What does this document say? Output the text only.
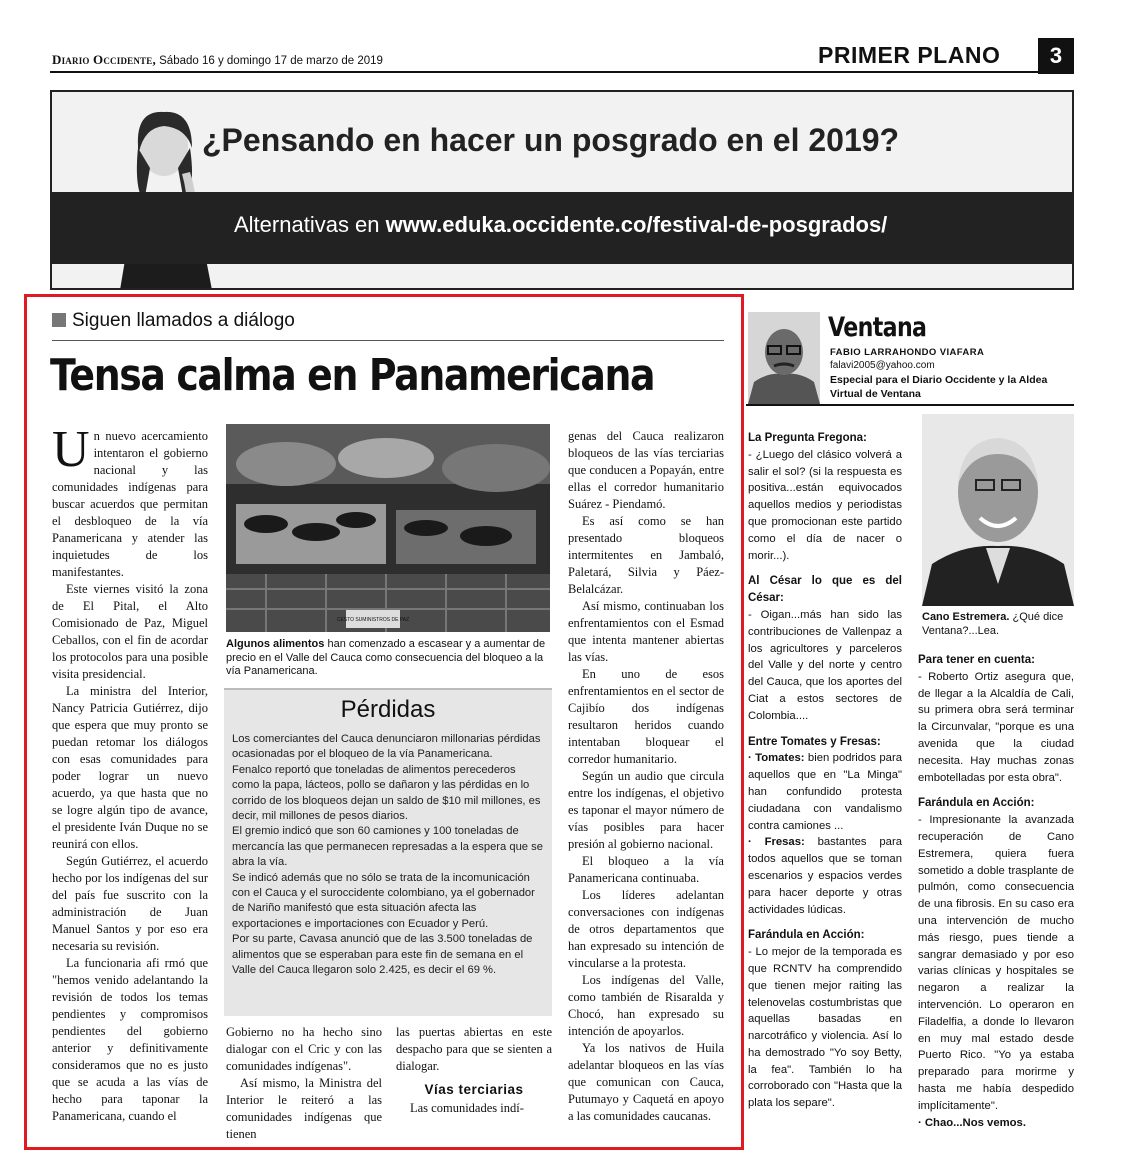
Diario Occidente, Sábado 16 y domingo 17 de marzo de 2019	PRIMER PLANO	3
¿Pensando en hacer un posgrado en el 2019?
Alternativas en www.eduka.occidente.co/festival-de-posgrados/
Siguen llamados a diálogo
Tensa calma en Panamericana

Un nuevo acercamiento intentaron el gobierno nacional y las comunidades indígenas para buscar acuerdos que permitan el desbloqueo de la vía Panamericana y atender las inquietudes de los manifestantes.

Este viernes visitó la zona de El Pital, el Alto Comisionado de Paz, Miguel Ceballos, con el fin de acordar los protocolos para una posible visita presidencial.

La ministra del Interior, Nancy Patricia Gutiérrez, dijo que espera que muy pronto se puedan retomar los diálogos con esas comunidades para poder lograr un nuevo acuerdo, ya que hasta que no se logre algún tipo de avance, el presidente Iván Duque no se reunirá con ellos.

Según Gutiérrez, el acuerdo hecho por los indígenas del sur del país fue suscrito con la administración de Juan Manuel Santos y por eso era necesaria su revisión.

La funcionaria afi rmó que "hemos venido adelantando la revisión de todos los temas pendientes y compromisos pendientes del gobierno anterior y definitivamente consideramos que no es justo que se acuda a las vías de hecho para taponar la Panamericana, cuando el

CESTO SUMINISTROS DE PAZ
Algunos alimentos han comenzado a escasear y a aumentar de precio en el Valle del Cauca como consecuencia del bloqueo a la vía Panamericana.
Pérdidas

Los comerciantes del Cauca denunciaron millonarias pérdidas ocasionadas por el bloqueo de la vía Panamericana.

Fenalco reportó que toneladas de alimentos perecederos como la papa, lácteos, pollo se dañaron y las pérdidas en lo corrido de los bloqueos dejan un saldo de $10 mil millones, es decir, mil millones de pesos diarios.

El gremio indicó que son 60 camiones y 100 toneladas de mercancía las que permanecen represadas a la espera que se abra la vía.

Se indicó además que no sólo se trata de la incomunicación con el Cauca y el suroccidente colombiano, ya el gobernador de Nariño manifestó que esta situación afecta las exportaciones e importaciones con Ecuador y Perú.

Por su parte, Cavasa anunció que de las 3.500 toneladas de alimentos que se esperaban para este fin de semana en el Valle del Cauca llegaron solo 2.425, es decir el 69 %.

Gobierno no ha hecho sino dialogar con el Cric y con las comunidades indígenas".

Así mismo, la Ministra del Interior le reiteró a las comunidades indígenas que tienen

las puertas abiertas en este despacho para que se sienten a dialogar.

Vías terciarias

Las comunidades indí-

genas del Cauca realizaron bloqueos de las vías terciarias que conducen a Popayán, entre ellas el corredor humanitario Suárez - Piendamó.

Es así como se han presentado bloqueos intermitentes en Jambaló, Paletará, Silvia y Páez-Belalcázar.

Así mismo, continuaban los enfrentamientos con el Esmad que intenta mantener abiertas las vías.

En uno de esos enfrentamientos en el sector de Cajibío dos indígenas resultaron heridos cuando intentaban bloquear el corredor humanitario.

Según un audio que circula entre los indígenas, el objetivo es taponar el mayor número de vías posibles para hacer presión al gobierno nacional.

El bloqueo a la vía Panamericana continuaba.

Los líderes adelantan conversaciones con indígenas de otros departamentos que han expresado su intención de vincularse a la protesta.

Los indígenas del Valle, como también de Risaralda y Chocó, han expresado su intención de apoyarlos.

Ya los nativos de Huila adelantar bloqueos en las vías que comunican con Cauca, Putumayo y Caquetá en apoyo a las comunidades caucanas.

Ventana
FABIO LARRAHONDO VIAFARA
falavi2005@yahoo.com
Especial para el Diario Occidente y la Aldea Virtual de Ventana
La Pregunta Fregona:

- ¿Luego del clásico volverá a salir el sol? (si la respuesta es positiva...están equivocados aquellos medios y periodistas que promocionan este partido como el día de nacer o morir...).

Al César lo que es del César:

- Oigan...más han sido las contribuciones de Vallenpaz a los agricultores y parceleros del Valle y del norte y centro del Cauca, que los aportes del Ciat a estos sectores de Colombia....

Entre Tomates y Fresas:

· Tomates: bien podridos para aquellos que en "La Minga" han confundido protesta ciudadana con vandalismo contra camiones ...

· Fresas: bastantes para todos aquellos que se toman escenarios y espacios verdes para hacer deporte y otras actividades lúdicas.

Farándula en Acción:

- Lo mejor de la temporada es que RCNTV ha comprendido que tienen mejor raiting las telenovelas costumbristas que aquellas basadas en narcotráfico y violencia. Así lo ha demostrado "Yo soy Betty, la fea". También lo ha corroborado con "Hasta que la plata los separe".

Cano Estremera. ¿Qué dice Ventana?...Lea.
Para tener en cuenta:

- Roberto Ortiz asegura que, de llegar a la Alcaldía de Cali, su primera obra será terminar la Circunvalar, "porque es una avenida que la ciudad necesita. Hay muchas zonas embotelladas por esta obra".

Farándula en Acción:

- Impresionante la avanzada recuperación de Cano Estremera, quiera fuera sometido a doble trasplante de pulmón, como consecuencia de una fibrosis. En su caso era una intervención de mucho más riesgo, pues tiende a sangrar demasiado y por eso varias clínicas y hospitales se negaron a realizar la intervención. Lo operaron en Filadelfia, a donde lo llevaron en muy mal estado desde Puerto Rico. "Yo ya estaba preparado para morirme y hasta me había despedido implícitamente".

· Chao...Nos vemos.
